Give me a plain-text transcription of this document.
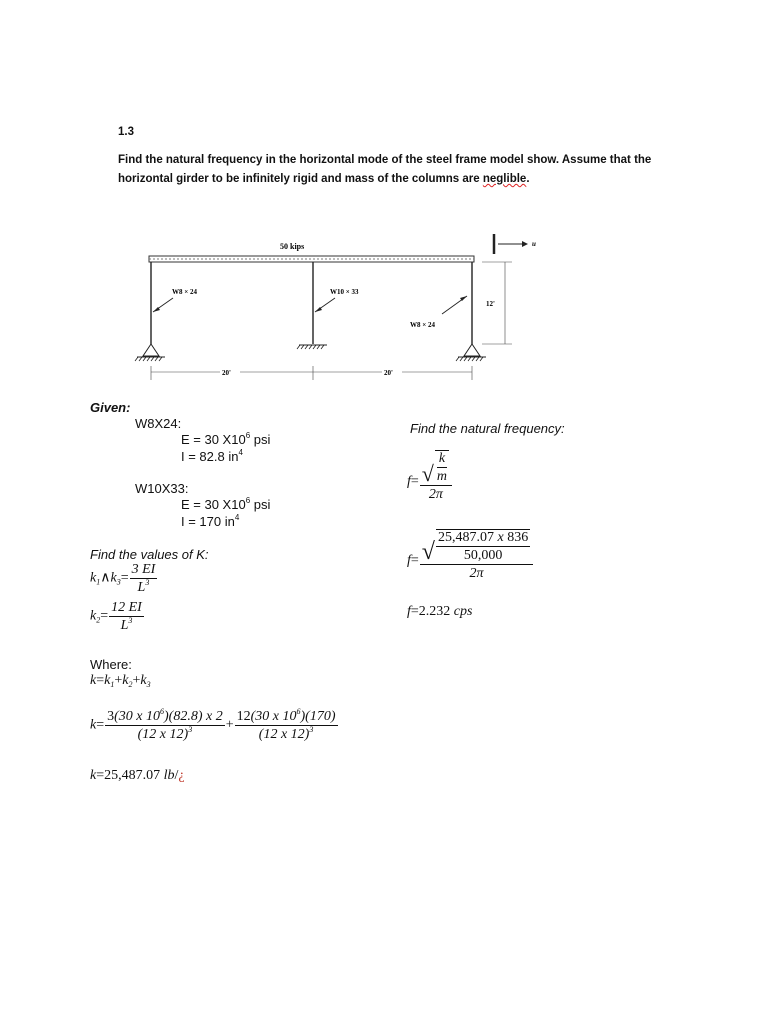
1.3
Find the natural frequency in the horizontal mode of the steel frame model show. Assume that the horizontal girder to be infinitely rigid and mass of the columns are neglible.
50 kips	u
W8 × 24	W10 × 33
W8 × 24
12'
20'	20'
Given:
W8X24:
E = 30 $X10^6$ psi
I = 82.8 $in^4$
W10X33:
E = 30 $X10^6$ psi
I = 170 $in^4$
Find the values of K:
$k_1\wedge k_3= \frac{3 EI}{L^3}$
$k_2= \frac{12 EI}{L^3}$
Where:
$k=k_1+k_2+k_3$
$k= \frac{3(30 x 10^6)(82.8) x 2}{(12 x 12)^3} + \frac{12(30 x 10^6)(170)}{(12 x 12)^3}$
k=25,487.07 lb/¿
Find the natural frequency:
$f= \frac{√ \frac{k}{m}}{2\pi}$
$f= \frac{√ \frac{25,487.07 x 836}{50,000}}{2\pi}$
f=2.232 cps
